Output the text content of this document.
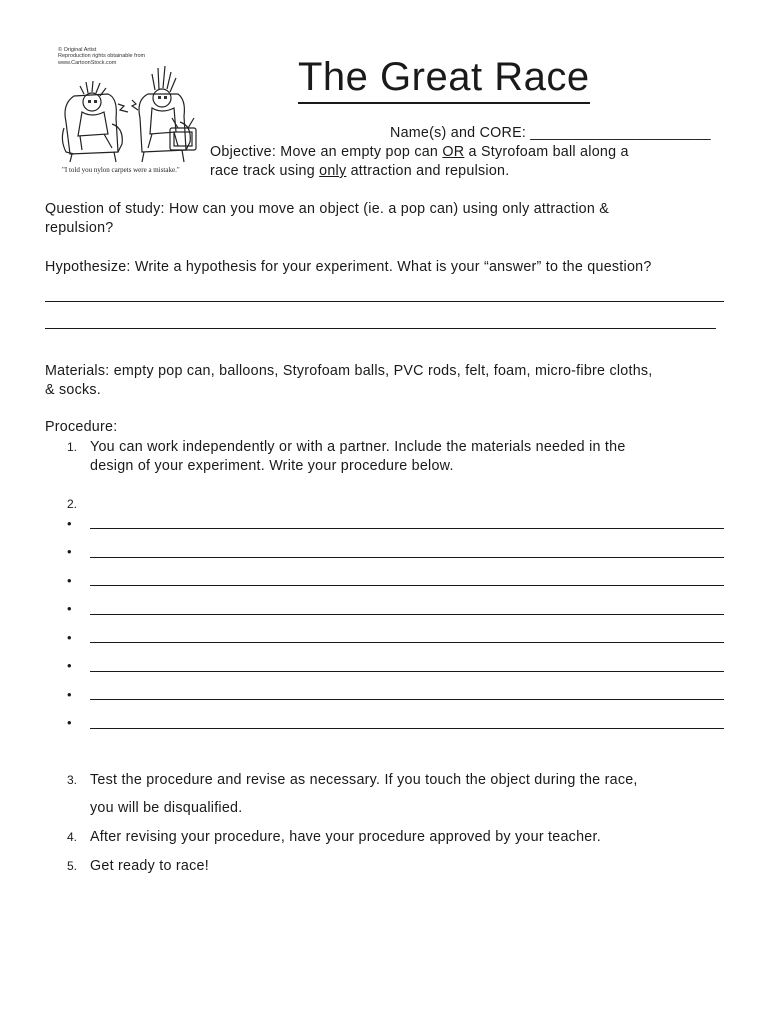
© Original Artist
Reproduction rights obtainable from
www.CartoonStock.com
"I told you nylon carpets were a mistake."
The Great Race
Name(s) and CORE: ______________________
Objective: Move an empty pop can OR a Styrofoam ball along a
race track using only attraction and repulsion.
Question of study: How can you move an object (ie. a pop can) using only attraction &
repulsion?
Hypothesize: Write a hypothesis for your experiment. What is your “answer” to the question?
Materials: empty pop can, balloons, Styrofoam balls, PVC rods, felt, foam, micro-fibre cloths,
& socks.
Procedure:
1. You can work independently or with a partner. Include the materials needed in the
design of your experiment. Write your procedure below.
2.
•
•
•
•
•
•
•
•
3. Test the procedure and revise as necessary. If you touch the object during the race,
you will be disqualified.
4. After revising your procedure, have your procedure approved by your teacher.
5. Get ready to race!
